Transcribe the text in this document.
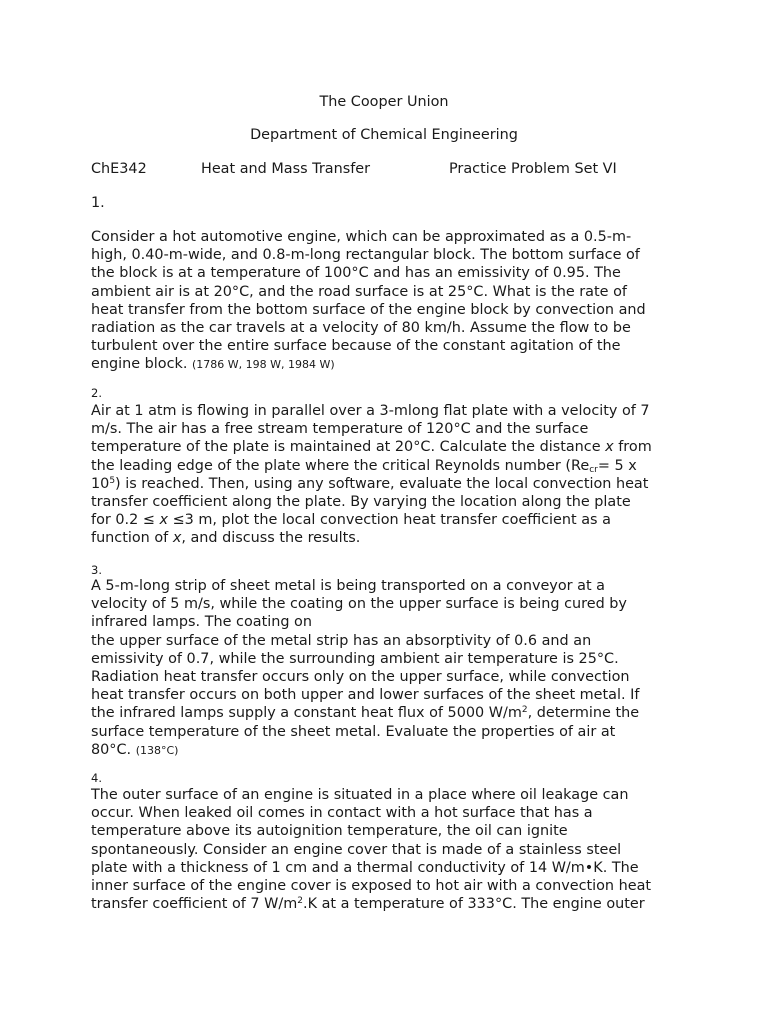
The Cooper Union
Department of Chemical Engineering
ChE342	Heat and Mass Transfer	Practice Problem Set VI
1.
Consider a hot automotive engine, which can be approximated as a 0.5-m-
high, 0.40-m-wide, and 0.8-m-long rectangular block. The bottom surface of
the block is at a temperature of 100°C and has an emissivity of 0.95. The
ambient air is at 20°C, and the road surface is at 25°C. What is the rate of
heat transfer from the bottom surface of the engine block by convection and
radiation as the car travels at a velocity of 80 km/h. Assume the flow to be
turbulent over the entire surface because of the constant agitation of the
engine block. (1786 W, 198 W, 1984 W)
2.
Air at 1 atm is flowing in parallel over a 3-mlong flat plate with a velocity of 7
m/s. The air has a free stream temperature of 120°C and the surface
temperature of the plate is maintained at 20°C. Calculate the distance x from
the leading edge of the plate where the critical Reynolds number ($Re_{cr}= 5$ x
$10^5$) is reached. Then, using any software, evaluate the local convection heat
transfer coefficient along the plate. By varying the location along the plate
for 0.2 ≤ x ≤3 m, plot the local convection heat transfer coefficient as a
function of x, and discuss the results.
3.
A 5-m-long strip of sheet metal is being transported on a conveyor at a
velocity of 5 m/s, while the coating on the upper surface is being cured by
infrared lamps. The coating on
the upper surface of the metal strip has an absorptivity of 0.6 and an
emissivity of 0.7, while the surrounding ambient air temperature is 25°C.
Radiation heat transfer occurs only on the upper surface, while convection
heat transfer occurs on both upper and lower surfaces of the sheet metal. If
the infrared lamps supply a constant heat flux of 5000 $W/m^2$, determine the
surface temperature of the sheet metal. Evaluate the properties of air at
80°C. (138°C)
4.
The outer surface of an engine is situated in a place where oil leakage can
occur. When leaked oil comes in contact with a hot surface that has a
temperature above its autoignition temperature, the oil can ignite
spontaneously. Consider an engine cover that is made of a stainless steel
plate with a thickness of 1 cm and a thermal conductivity of 14 W/m•K. The
inner surface of the engine cover is exposed to hot air with a convection heat
transfer coefficient of 7 $W/m^2.K$ at a temperature of 333°C. The engine outer
